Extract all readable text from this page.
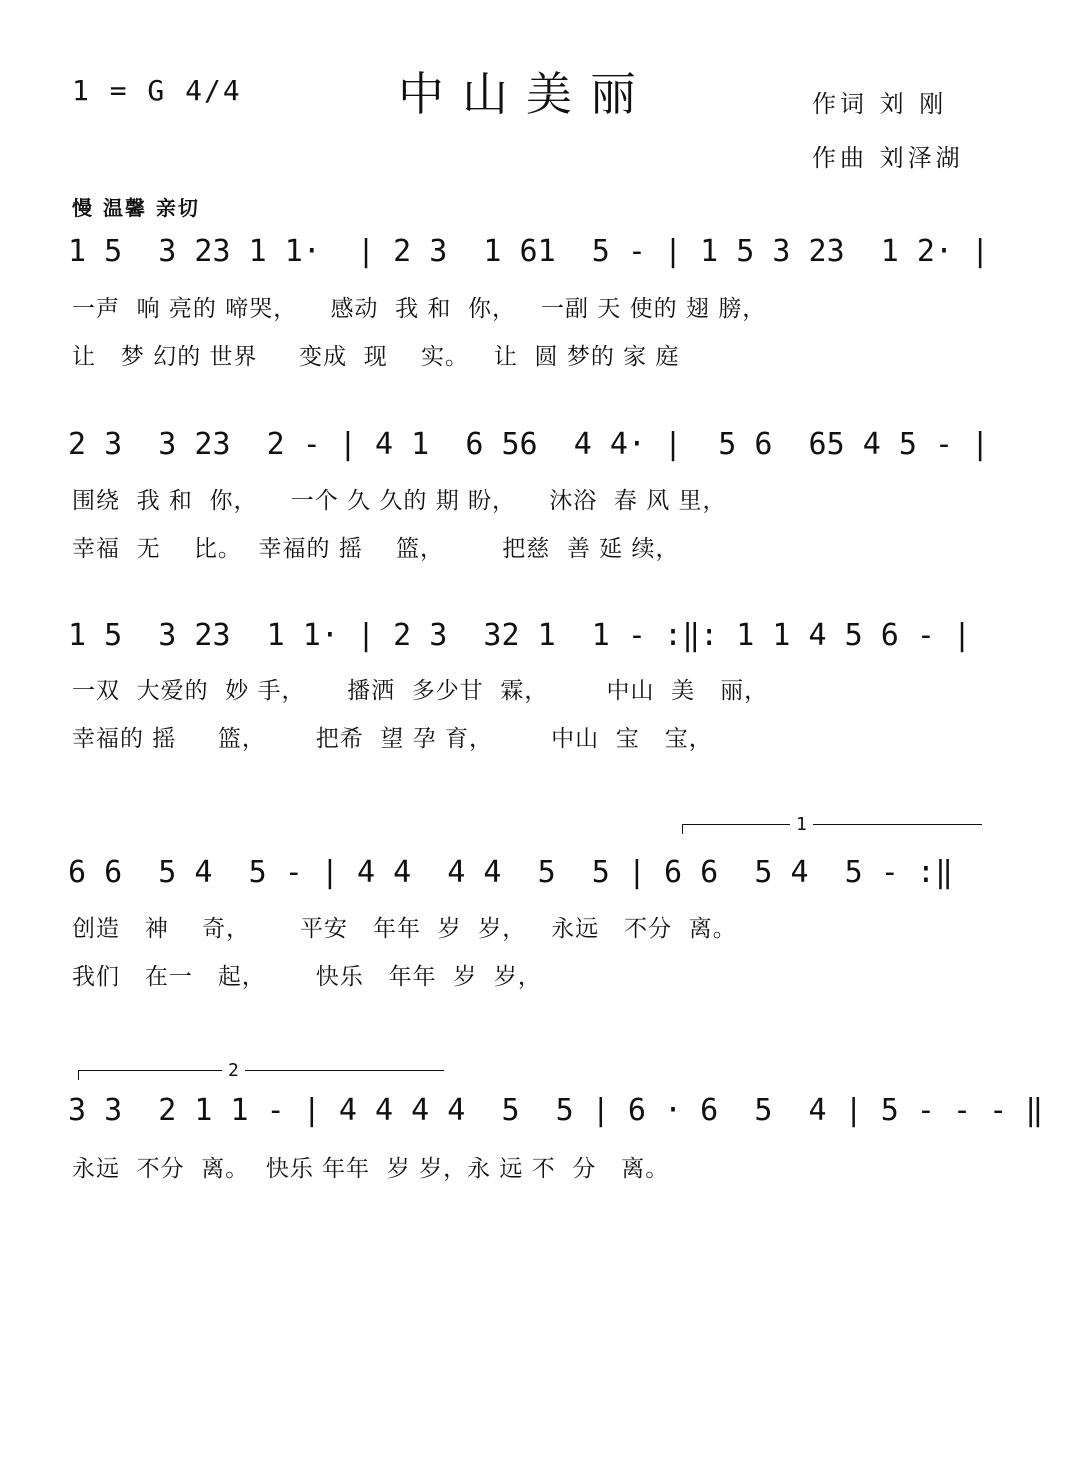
1 = G 4/4	中山美丽	作词 刘 刚
作曲 刘泽湖
慢 温馨 亲切
1 5  3 23 1 1·  | 2 3  1 61  5 - | 1 5 3 23  1 2· |
一声  响 亮的 啼哭，    感动  我 和  你，   一副 天 使的 翅 膀，
让   梦 幻的 世界     变成  现    实。   让  圆 梦的 家 庭
2 3  3 23  2 - | 4 1  6 56  4 4· |  5 6  65 4 5 - |
围绕  我 和  你，    一个 久 久的 期 盼，    沐浴  春 风 里，
幸福  无    比。  幸福的 摇    篮，       把慈  善 延 续，
1 5  3 23  1 1· | 2 3  32 1  1 - :‖: 1 1 4 5 6 - |
一双  大爱的  妙 手，     播洒  多少甘  霖，       中山  美   丽，
幸福的 摇     篮，      把希  望 孕 育，       中山  宝   宝，
1
6 6  5 4  5 - | 4 4  4 4  5  5 | 6 6  5 4  5 - :‖
创造   神    奇，      平安   年年  岁  岁，   永远   不分  离。
我们   在一   起，      快乐   年年  岁  岁，
2
3 3  2 1 1 - | 4 4 4 4  5  5 | 6 · 6  5  4 | 5 - - - ‖
永远  不分  离。  快乐 年年  岁 岁，永 远 不  分   离。
